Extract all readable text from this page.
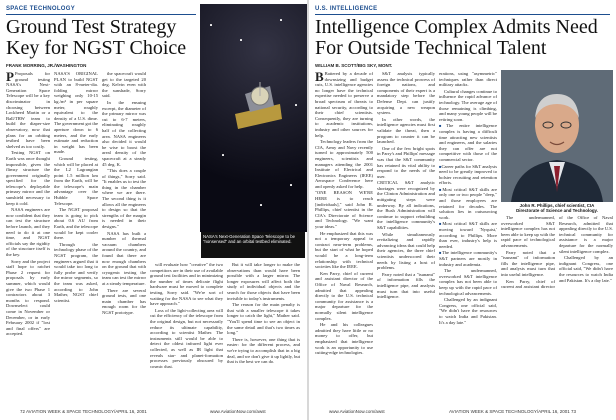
SPACE TECHNOLOGY
Ground Test Strategy
Key for NGST Choice
FRANK MORRING, JR./WASHINGTON

P Proposals for ground testing NASA's Next-Generation Space Telescope will be a key discriminator in choosing between Lockheed Martin or a Ball/TRW team to build the diaper-size observatory, now that plans for an orbiting testbed have been shelved as too costly.

Testing NGST on Earth was once thought impossible, given the flimsy structure the government originally specified for the telescope's deployable primary mirror and the sunshield necessary to keep it cold.

NASA engineers are now confident that they can test the structure before launch, and they need to do it at one time, and NGST officials say the rigidity of the structure itself is the key.

Sorry and the project staff hope to ratchet Phase 2 request for proposals by early summer, which would give the two Phase 1 contractors about 3 months to respond. Downselect could come in November or December, or in early February 2002 if "lost and final offers" are accepted.

NASA'S ORIGINAL PLAN to build NGST with an 8-meter-dia. folding mirror weighing only 10-15 kg./m² in per square meter, roughly equivalent to the density of a U.S. dime. The government got the aperture down to 6 meters, and the early estimate and reduction in weight has been made.

Ground testing, which will be placed at the L2 Lagrangian point 1.5 million km from the Earth, will be the telescope's main advantage over the Hubble Space Telescope.

The NGST proposal team is going to pick about 0.6 AU from Earth, and the telescope would be kept cooler there.

Through the technology phase of the NGST program, the engineers argued that it would take too long to fully probe and verify the mirror segments, so the team was asked, according to John Mather, NGST chief scientist.

the spacecraft would get to the targeted 20 deg. Kelvin even with the sunshade, Sorry said.

In the ensuing excerpt, the diameter of the primary mirror was cut to 6-7 meters, eliminating roughly half of the collecting area. NASA engineers also decided it would be wise to boost the areal density of the spacecraft at a steady 45 deg. K.

"This does a couple of things," Sorry said. "It enables us to test the thing in the chamber where we are there. The second thing is it allows all the engineers to design so that the strengths of the margin is needed in their designs."

NASA has built a number of thermal vacuum chambers around the country, and found that there are now enough chambers on the ground that with cryogenic testing the team can test the mirror at a steady temperature.

There are several ground tests, and one main chamber has enough room for the NGST prototype.

will evaluate how "creative" the two competitors are in their use of available ground test facilities and in minimizing the number of times delicate flight hardware must be moved to complete testing, Sorry said. "We're sort of waiting for the NASA to see what they have approach."

Loss of the light-collecting area will cut the efficiency of the telescope from the original design, but not necessarily reduce its ultimate capability, according to scientist Mather. The instruments still would be able to detect the oldest infrared light ever collected, as well as IR light that reveals star- and planet-formation processes previously obscured by cosmic dust.

But it will take longer to make the observations than would have been possible with a larger mirror. The longer exposures will affect both the study of individual objects and the search for those objects that have been invisible to today's instruments.

The reason for the main penalty is that with a smaller telescope it takes longer to catch the light," Mather said. "You'll spend time to see an object in the same detail and that's two times as long."

There is, however, one thing that is easier: for the different process, and we're trying to accomplish that in a big deal, and we don't give it up lightly, but that is the best we can do.

NASA's Next-Generation Space Telescope to be "nonsensed" and an orbital testbed eliminated.
72 AVIATION WEEK & SPACE TECHNOLOGY/APRIL 16, 2001	www.AviationNow.com/awst
U.S. INTELLIGENCE
Intelligence Complex Admits Need
For Outside Technical Talent
WILLIAM B. SCOTT/BIG SKY, MONT.

B Battered by a decade of downsizing and budget cuts, U.S. intelligence agencies no longer have the technical expertise needed to preserve a broad spectrum of threats to national security, according to their chief scientists. Consequently, they are turning to academic institutions, industry and other sources for help.

Technology leaders from the CIA, Army and Navy recently turned to approximately 500 engineers, scientists and managers attending the 2001 Institute of Electrical and Electronics Engineers (IEEE) Aerospace Conference here and openly asked for help.

"ONE REASON WE'RE HERE is to reach [individuals]," said John R. Phillips, chief scientist in the CIA's Directorate of Science and Technology. "We want your ideas."

He emphasized that this was not a temporary appeal to contract near-term problems, but the start of what he hoped would be a long-term relationship with technical societies like the IEEE.

Ken Parry, chief of current and assistant director of the Office of Naval Research, admitted that appealing directly to the U.S. technical community for assistance is a major departure for the normally silent intelligence complex.

He and his colleagues admitted they have little or no money to offer, but emphasized that intelligence work is an opportunity to use cutting-edge technologies.

S&T analysis typically assess the technical prowess of foreign nations, and components of their expert is a mandatory step before the Defense Dept. can justify acquiring a new weapon system.

In other words, the intelligence agencies must first validate the threat, then a program to counter it can be launched.

One of the few bright spots in Parry's and Phillips' message was that the S&T community has retained its vital ability to respond to the needs of the user.

CRITICAL S&T analytic shortages were recognized by the Clinton Administration and mitigating steps were underway. By all indications, the Bush Administration will continue to support rebuilding the intelligence community's S&T capabilities.

While simultaneously revitalizing and rapidly advancing ideas that could help their agencies, the three chief scientists underscored their needs by listing a host of problems.

Parry noted that a "tsunami" of information fills the intelligence pipe, and analysts must turn that into useful intelligence.

erations, using "asymmetric" techniques rather than direct military attacks.

Cultural changes continue to influence the rapid advance of technology. The average age of those remaining is climbing, and many young people will be retiring soon.

■ The entire intelligence complex is having a difficult time attracting new scientists and engineers, and the salaries they can offer are not competitive with those of the commercial sector.
■ Career paths for S&T analysts need to be greatly improved to bolster recruiting and retention efforts.
■ Most critical S&T skills are only one or two people "deep," and those employees are retained for decades. The solution lies in outsourcing work.
■ Most critical S&T skills are moving toward 'Nyquist,' according to Phillips. More than ever, industry's help is needed.
■ The intelligence community's S&T partners are mostly in industry and academia.

The undermanned, overworked S&T intelligence complex has not been able to keep up with the rapid pace of technological advancements.

Challenged by an indignant Congress, one official said, "We didn't have the resources to watch India and Pakistan. It's a day late."

John R. Phillips, chief scientist, CIA
Directorate of Science and Technology.

The undermanned, overworked S&T intelligence complex has not been able to keep up with the rapid pace of technological advancements.

Parry noted that a "tsunami" of information fills the intelligence pipe, and analysts must turn that into useful intelligence.

Ken Parry, chief of current and assistant director of the Office of Naval Research, admitted that appealing directly to the U.S. technical community for assistance is a major departure for the normally silent intelligence complex.

Challenged by an indignant Congress, one official said, "We didn't have the resources to watch India and Pakistan. It's a day late."

www.AviationNow.com/awst	AVIATION WEEK & SPACE TECHNOLOGY/APRIL 16, 2001 73
